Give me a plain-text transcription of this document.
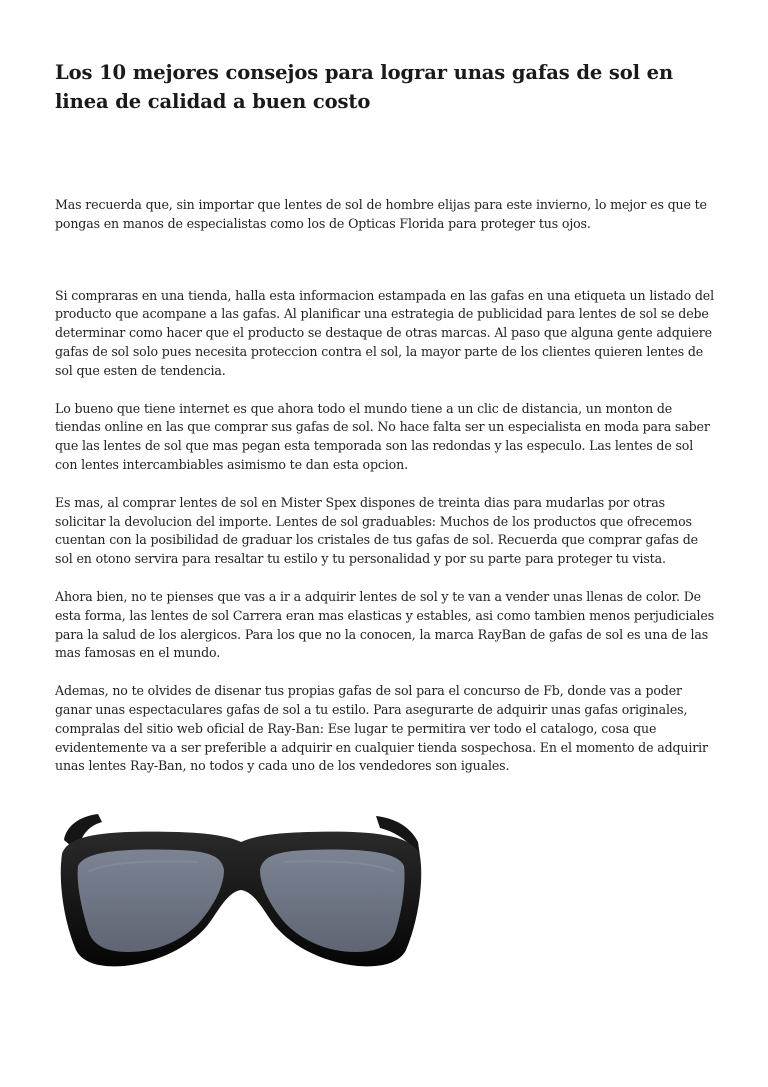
Los 10 mejores consejos para lograr unas gafas de sol en linea de calidad a buen costo

Mas recuerda que, sin importar que lentes de sol de hombre elijas para este invierno, lo mejor es que te pongas en manos de especialistas como los de Opticas Florida para proteger tus ojos.

Si compraras en una tienda, halla esta informacion estampada en las gafas en una etiqueta un listado del producto que acompane a las gafas. Al planificar una estrategia de publicidad para lentes de sol se debe determinar como hacer que el producto se destaque de otras marcas. Al paso que alguna gente adquiere gafas de sol solo pues necesita proteccion contra el sol, la mayor parte de los clientes quieren lentes de sol que esten de tendencia.

Lo bueno que tiene internet es que ahora todo el mundo tiene a un clic de distancia, un monton de tiendas online en las que comprar sus gafas de sol. No hace falta ser un especialista en moda para saber que las lentes de sol que mas pegan esta temporada son las redondas y las especulo. Las lentes de sol con lentes intercambiables asimismo te dan esta opcion.

Es mas, al comprar lentes de sol en Mister Spex dispones de treinta dias para mudarlas por otras solicitar la devolucion del importe. Lentes de sol graduables: Muchos de los productos que ofrecemos cuentan con la posibilidad de graduar los cristales de tus gafas de sol. Recuerda que comprar gafas de sol en otono servira para resaltar tu estilo y tu personalidad y por su parte para proteger tu vista.

Ahora bien, no te pienses que vas a ir a adquirir lentes de sol y te van a vender unas llenas de color. De esta forma, las lentes de sol Carrera eran mas elasticas y estables, asi como tambien menos perjudiciales para la salud de los alergicos. Para los que no la conocen, la marca RayBan de gafas de sol es una de las mas famosas en el mundo.

Ademas, no te olvides de disenar tus propias gafas de sol para el concurso de Fb, donde vas a poder ganar unas espectaculares gafas de sol a tu estilo. Para asegurarte de adquirir unas gafas originales, compralas del sitio web oficial de Ray-Ban: Ese lugar te permitira ver todo el catalogo, cosa que evidentemente va a ser preferible a adquirir en cualquier tienda sospechosa. En el momento de adquirir unas lentes Ray-Ban, no todos y cada uno de los vendedores son iguales.
